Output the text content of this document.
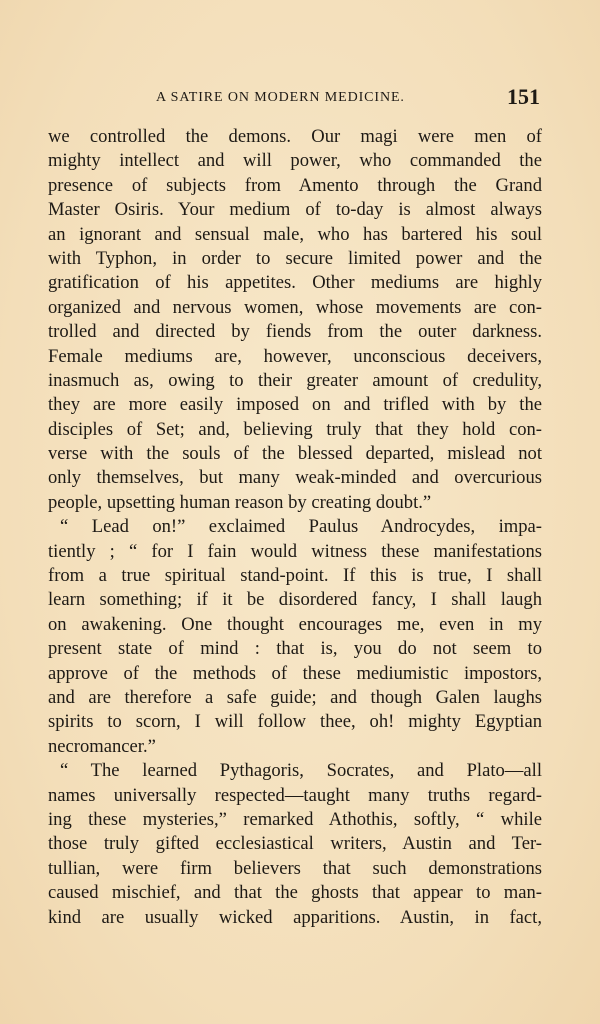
A SATIRE ON MODERN MEDICINE.	151
we controlled the demons. Our magi were men of
mighty intellect and will power, who commanded the
presence of subjects from Amento through the Grand
Master Osiris. Your medium of to-day is almost always
an ignorant and sensual male, who has bartered his soul
with Typhon, in order to secure limited power and the
gratification of his appetites. Other mediums are highly
organized and nervous women, whose movements are con-
trolled and directed by fiends from the outer darkness.
Female mediums are, however, unconscious deceivers,
inasmuch as, owing to their greater amount of credulity,
they are more easily imposed on and trifled with by the
disciples of Set; and, believing truly that they hold con-
verse with the souls of the blessed departed, mislead not
only themselves, but many weak-minded and overcurious
people, upsetting human reason by creating doubt.”
“ Lead on!” exclaimed Paulus Androcydes, impa-
tiently ; “ for I fain would witness these manifestations
from a true spiritual stand-point. If this is true, I shall
learn something; if it be disordered fancy, I shall laugh
on awakening. One thought encourages me, even in my
present state of mind : that is, you do not seem to
approve of the methods of these mediumistic impostors,
and are therefore a safe guide; and though Galen laughs
spirits to scorn, I will follow thee, oh! mighty Egyptian
necromancer.”
“ The learned Pythagoris, Socrates, and Plato—all
names universally respected—taught many truths regard-
ing these mysteries,” remarked Athothis, softly, “ while
those truly gifted ecclesiastical writers, Austin and Ter-
tullian, were firm believers that such demonstrations
caused mischief, and that the ghosts that appear to man-
kind are usually wicked apparitions. Austin, in fact,
